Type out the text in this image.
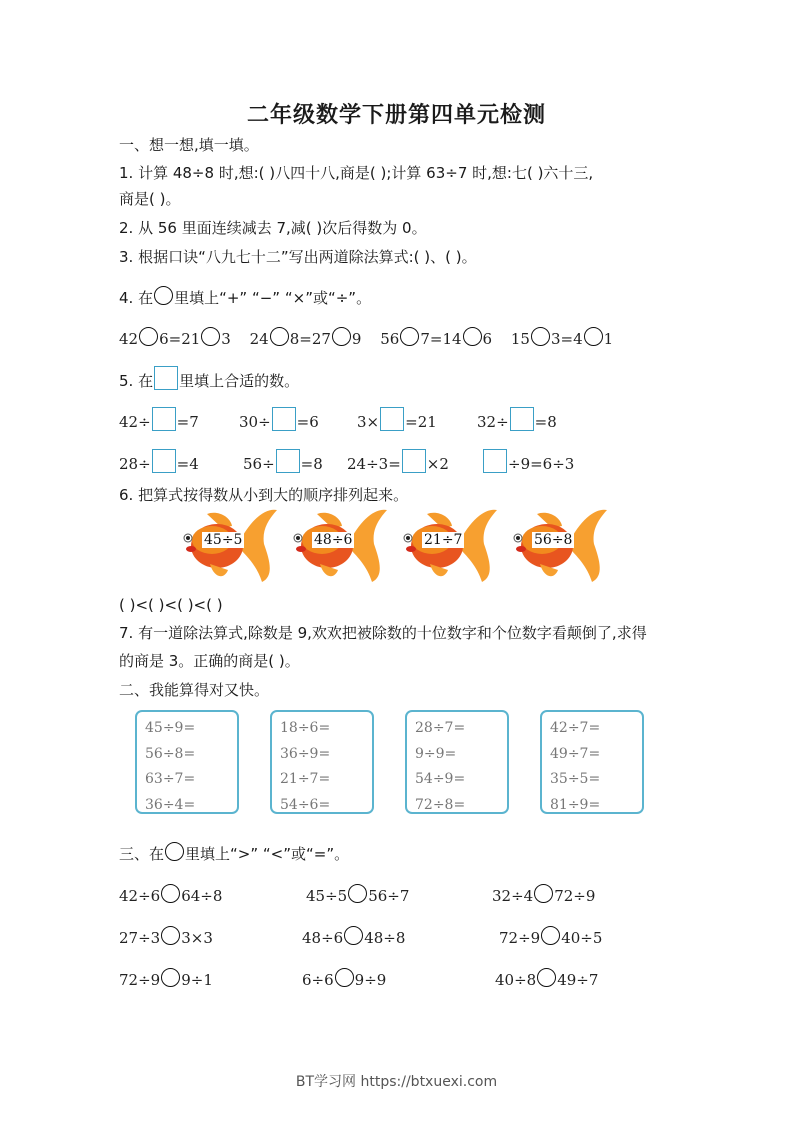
二年级数学下册第四单元检测
一、想一想,填一填。
1. 计算 48÷8 时,想:( )八四十八,商是( );计算 63÷7 时,想:七( )六十三,
商是( )。
2. 从 56 里面连续减去 7,减( )次后得数为 0。
3. 根据口诀“八九七十二”写出两道除法算式:( )、( )。
4. 在 里填上“+” “−” “×”或“÷”。
42 6=21 3 24 8=27 9 56 7=14 6 15 3=4 1
5. 在 里填上合适的数。
42÷ =7	30÷ =6	3× =21	32÷ =8
28÷ =4	56÷ =8 24÷3= ×2	÷9=6÷3
6. 把算式按得数从小到大的顺序排列起来。
45÷5	48÷6	21÷7	56÷8
( )<( )<( )<( )
7. 有一道除法算式,除数是 9,欢欢把被除数的十位数字和个位数字看颠倒了,求得
的商是 3。正确的商是( )。
二、我能算得对又快。
45÷9=
56÷8=
63÷7=
36÷4=
18÷6=
36÷9=
21÷7=
54÷6=
28÷7=
9÷9=
54÷9=
72÷8=
42÷7=
49÷7=
35÷5=
81÷9=
三、在 里填上“>” “<”或“=”。
42÷6 64÷8	45÷5 56÷7	32÷4 72÷9
27÷3 3×3	48÷6 48÷8	72÷9 40÷5
72÷9 9÷1	6÷6 9÷9	40÷8 49÷7
BT学习网 https://btxuexi.com
